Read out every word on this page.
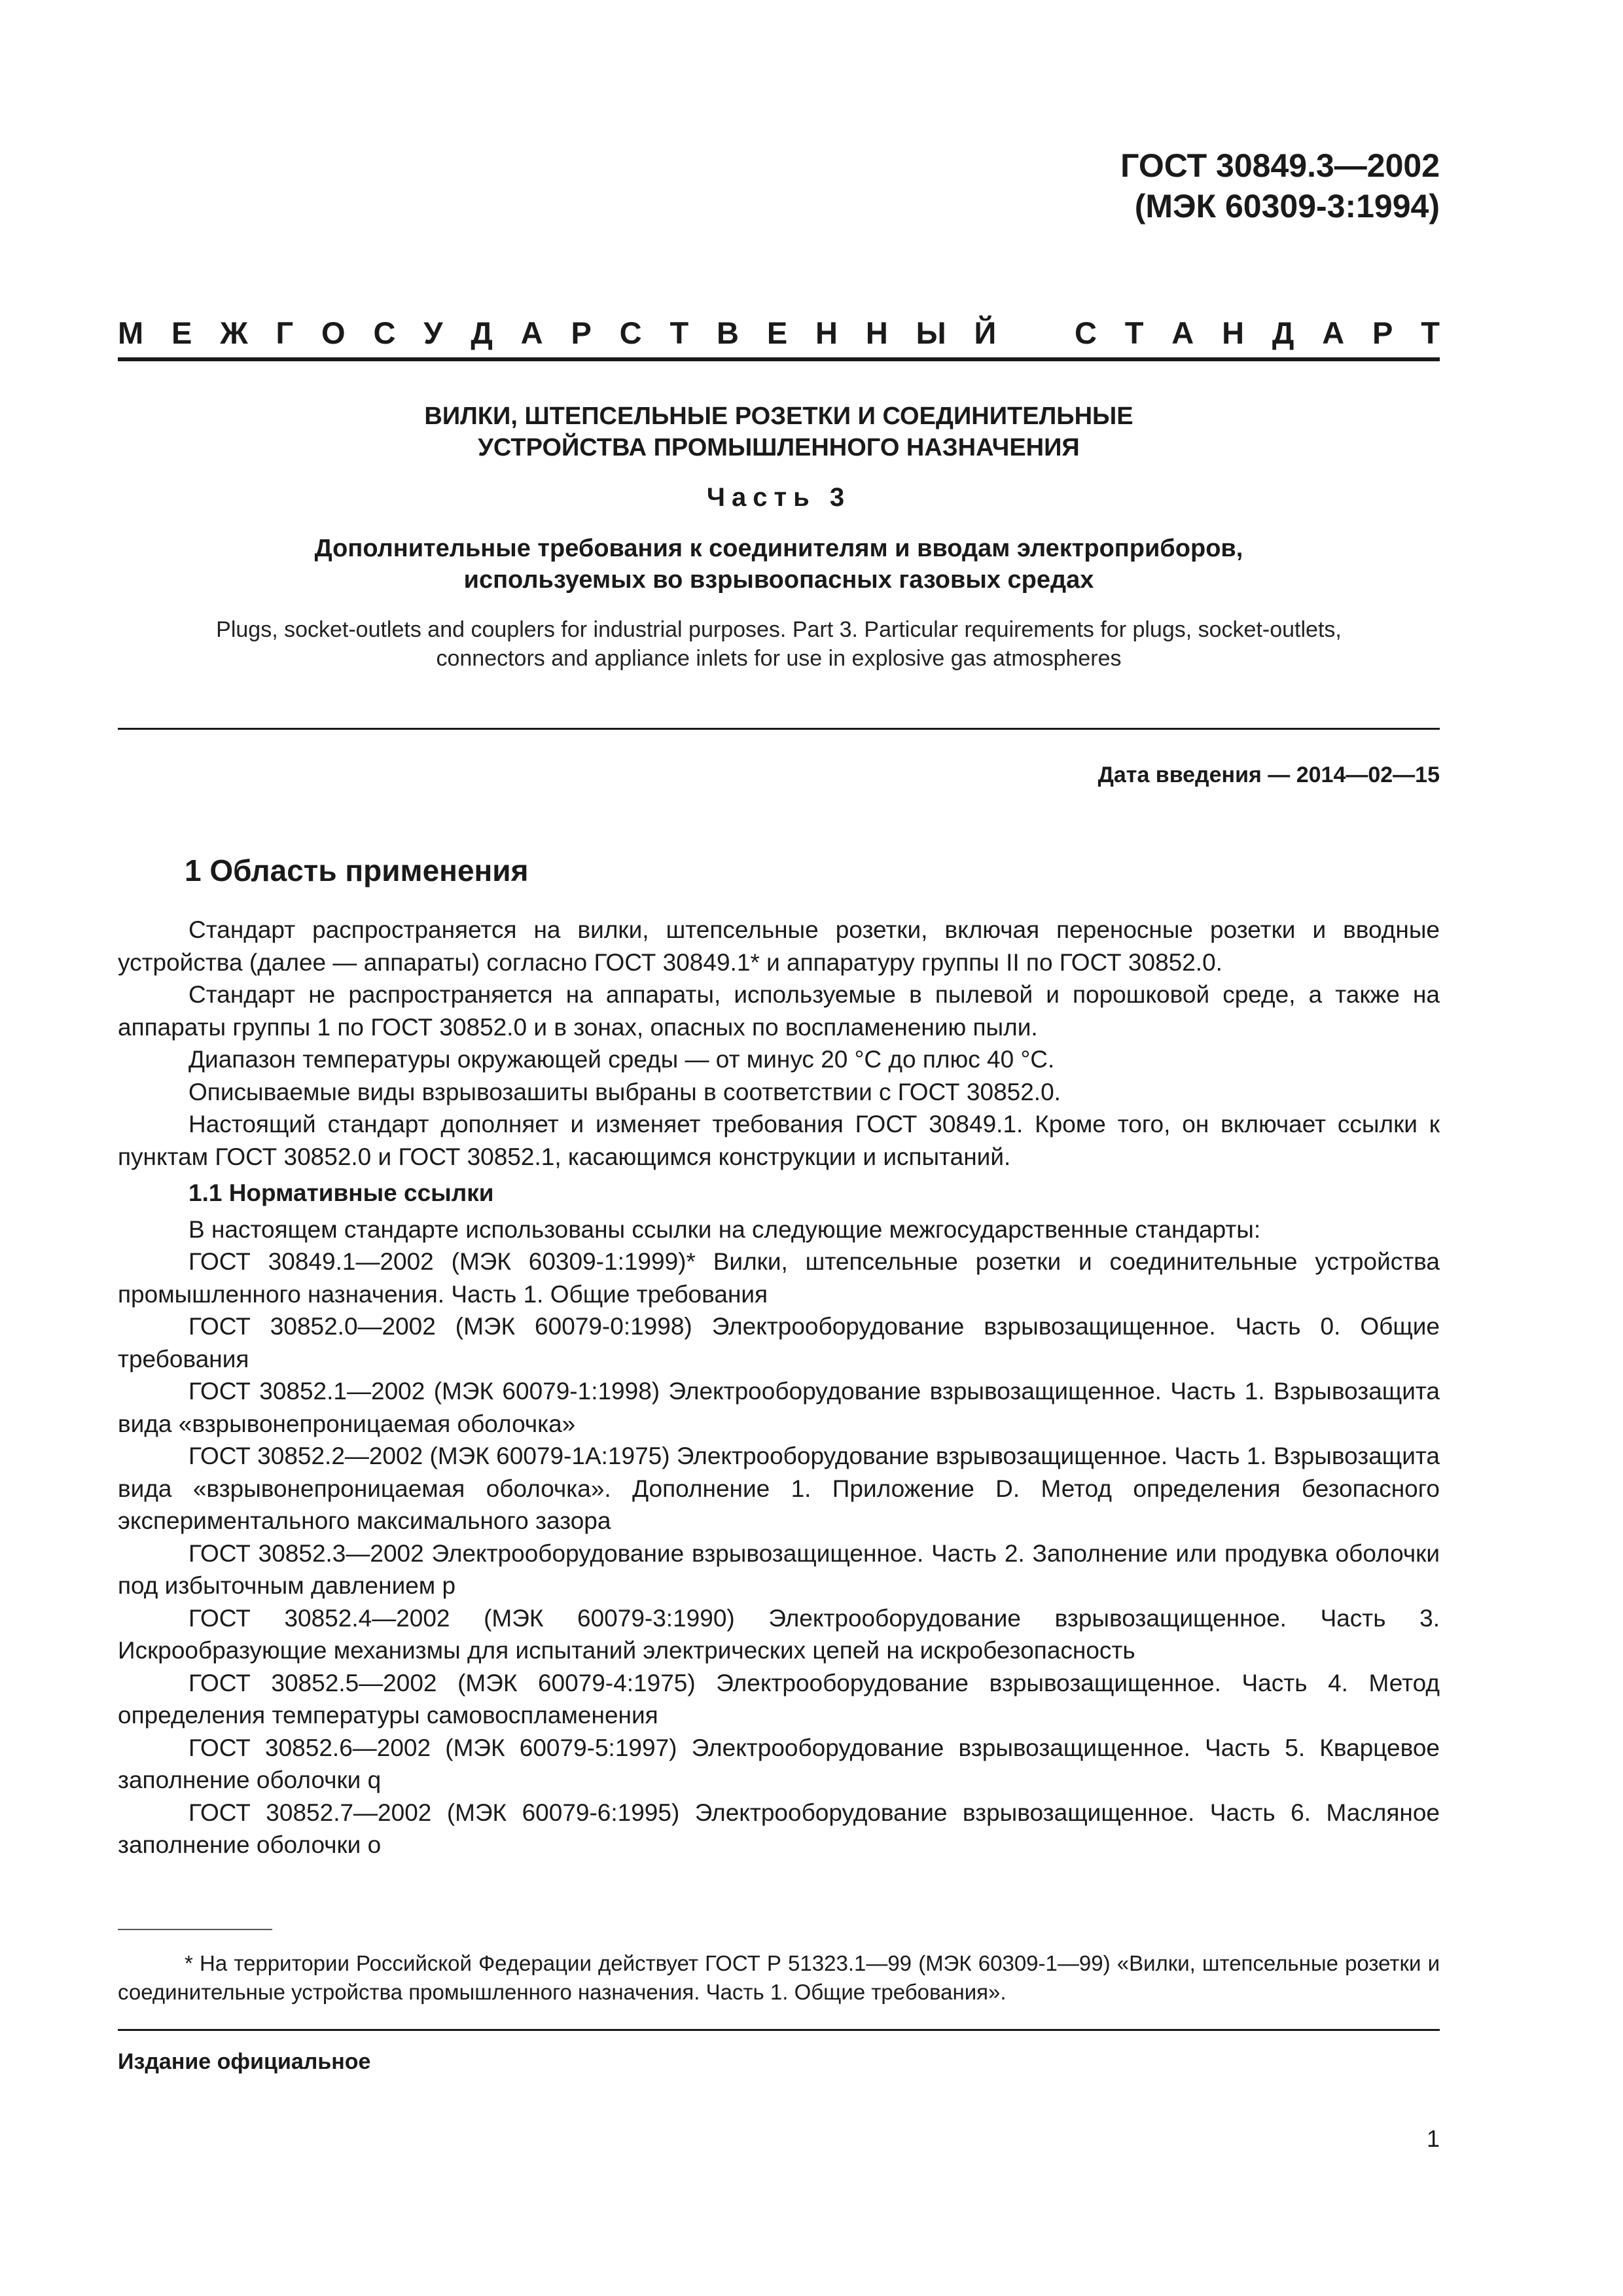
ГОСТ 30849.3—2002
(МЭК 60309-3:1994)
М Е Ж Г О С У Д А Р С Т В Е Н Н Ы Й	С Т А Н Д А Р Т

ВИЛКИ, ШТЕПСЕЛЬНЫЕ РОЗЕТКИ И СОЕДИНИТЕЛЬНЫЕ
УСТРОЙСТВА ПРОМЫШЛЕННОГО НАЗНАЧЕНИЯ

Часть 3

Дополнительные требования к соединителям и вводам электроприборов,
используемых во взрывоопасных газовых средах

Plugs, socket-outlets and couplers for industrial purposes. Part 3. Particular requirements for plugs, socket-outlets,
connectors and appliance inlets for use in explosive gas atmospheres

Дата введения — 2014—02—15
1 Область применения

Стандарт распространяется на вилки, штепсельные розетки, включая переносные розетки и вводные устройства (далее — аппараты) согласно ГОСТ 30849.1* и аппаратуру группы II по ГОСТ 30852.0.

Стандарт не распространяется на аппараты, используемые в пылевой и порошковой среде, а также на аппараты группы 1 по ГОСТ 30852.0 и в зонах, опасных по воспламенению пыли.

Диапазон температуры окружающей среды — от минус 20 °С до плюс 40 °С.

Описываемые виды взрывозашиты выбраны в соответствии с ГОСТ 30852.0.

Настоящий стандарт дополняет и изменяет требования ГОСТ 30849.1. Кроме того, он включает ссылки к пунктам ГОСТ 30852.0 и ГОСТ 30852.1, касающимся конструкции и испытаний.

1.1 Нормативные ссылки

В настоящем стандарте использованы ссылки на следующие межгосударственные стандарты:

ГОСТ 30849.1—2002 (МЭК 60309-1:1999)* Вилки, штепсельные розетки и соединительные устройства промышленного назначения. Часть 1. Общие требования

ГОСТ 30852.0—2002 (МЭК 60079-0:1998) Электрооборудование взрывозащищенное. Часть 0. Общие требования

ГОСТ 30852.1—2002 (МЭК 60079-1:1998) Электрооборудование взрывозащищенное. Часть 1. Взрывозащита вида «взрывонепроницаемая оболочка»

ГОСТ 30852.2—2002 (МЭК 60079-1А:1975) Электрооборудование взрывозащищенное. Часть 1. Взрывозащита вида «взрывонепроницаемая оболочка». Дополнение 1. Приложение D. Метод определения безопасного экспериментального максимального зазора

ГОСТ 30852.3—2002 Электрооборудование взрывозащищенное. Часть 2. Заполнение или продувка оболочки под избыточным давлением p

ГОСТ 30852.4—2002 (МЭК 60079-3:1990) Электрооборудование взрывозащищенное. Часть 3. Искрообразующие механизмы для испытаний электрических цепей на искробезопасность

ГОСТ 30852.5—2002 (МЭК 60079-4:1975) Электрооборудование взрывозащищенное. Часть 4. Метод определения температуры самовоспламенения

ГОСТ 30852.6—2002 (МЭК 60079-5:1997) Электрооборудование взрывозащищенное. Часть 5. Кварцевое заполнение оболочки q

ГОСТ 30852.7—2002 (МЭК 60079-6:1995) Электрооборудование взрывозащищенное. Часть 6. Масляное заполнение оболочки o

* На территории Российской Федерации действует ГОСТ Р 51323.1—99 (МЭК 60309-1—99) «Вилки, штепсельные розетки и соединительные устройства промышленного назначения. Часть 1. Общие требования».

Издание официальное
1
